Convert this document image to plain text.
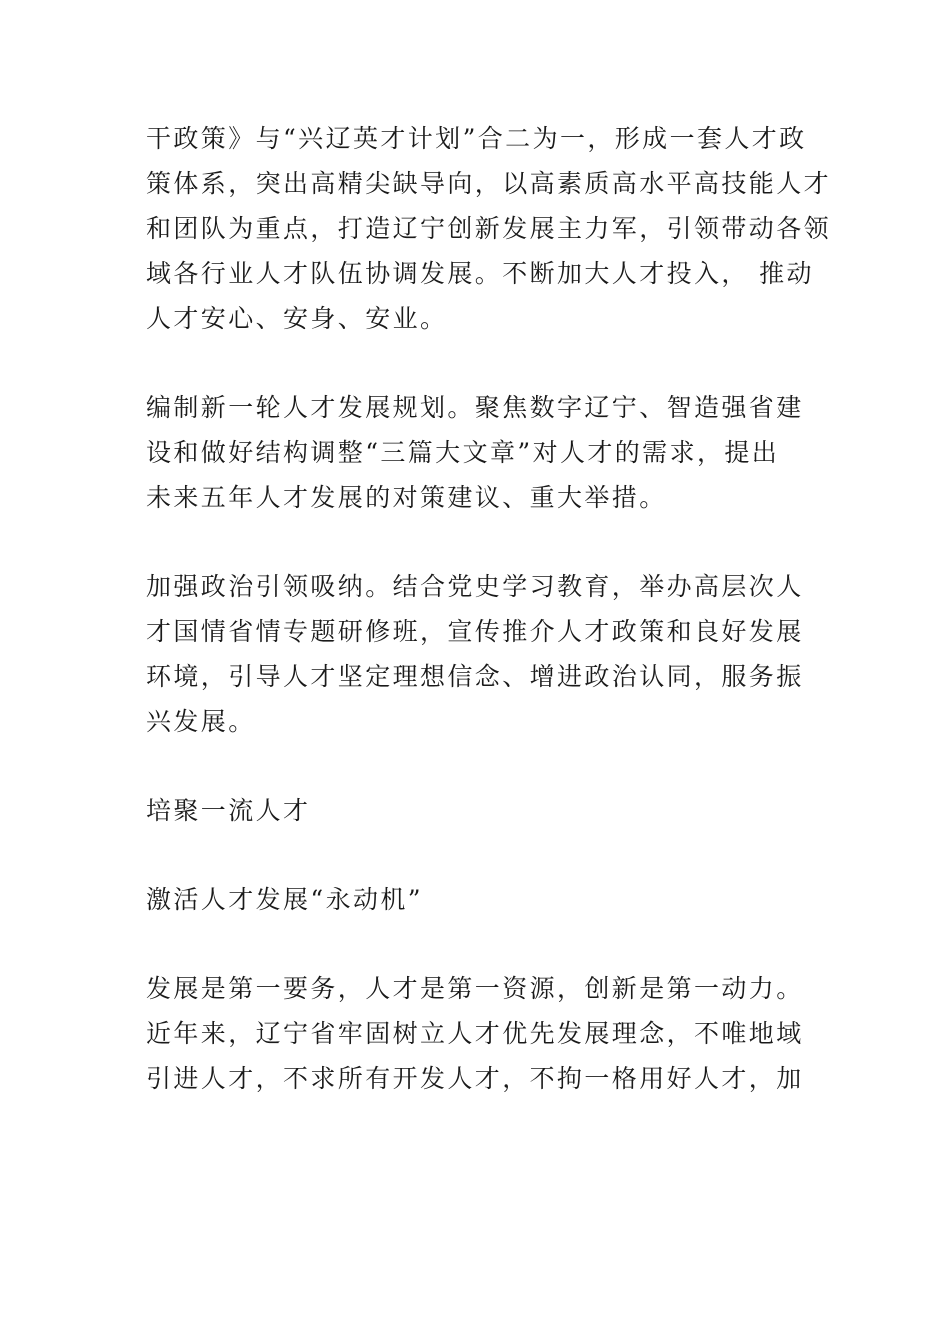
干政策》与“兴辽英才计划”合二为一，形成一套人才政
策体系，突出高精尖缺导向，以高素质高水平高技能人才
和团队为重点，打造辽宁创新发展主力军，引领带动各领
域各行业人才队伍协调发展。不断加大人才投入， 推动
人才安心、安身、安业。

编制新一轮人才发展规划。聚焦数字辽宁、智造强省建
设和做好结构调整“三篇大文章”对人才的需求，提出
未来五年人才发展的对策建议、重大举措。

加强政治引领吸纳。结合党史学习教育，举办高层次人
才国情省情专题研修班，宣传推介人才政策和良好发展
环境，引导人才坚定理想信念、增进政治认同，服务振
兴发展。

培聚一流人才

激活人才发展“永动机”

发展是第一要务，人才是第一资源，创新是第一动力。
近年来，辽宁省牢固树立人才优先发展理念，不唯地域
引进人才，不求所有开发人才，不拘一格用好人才，加
